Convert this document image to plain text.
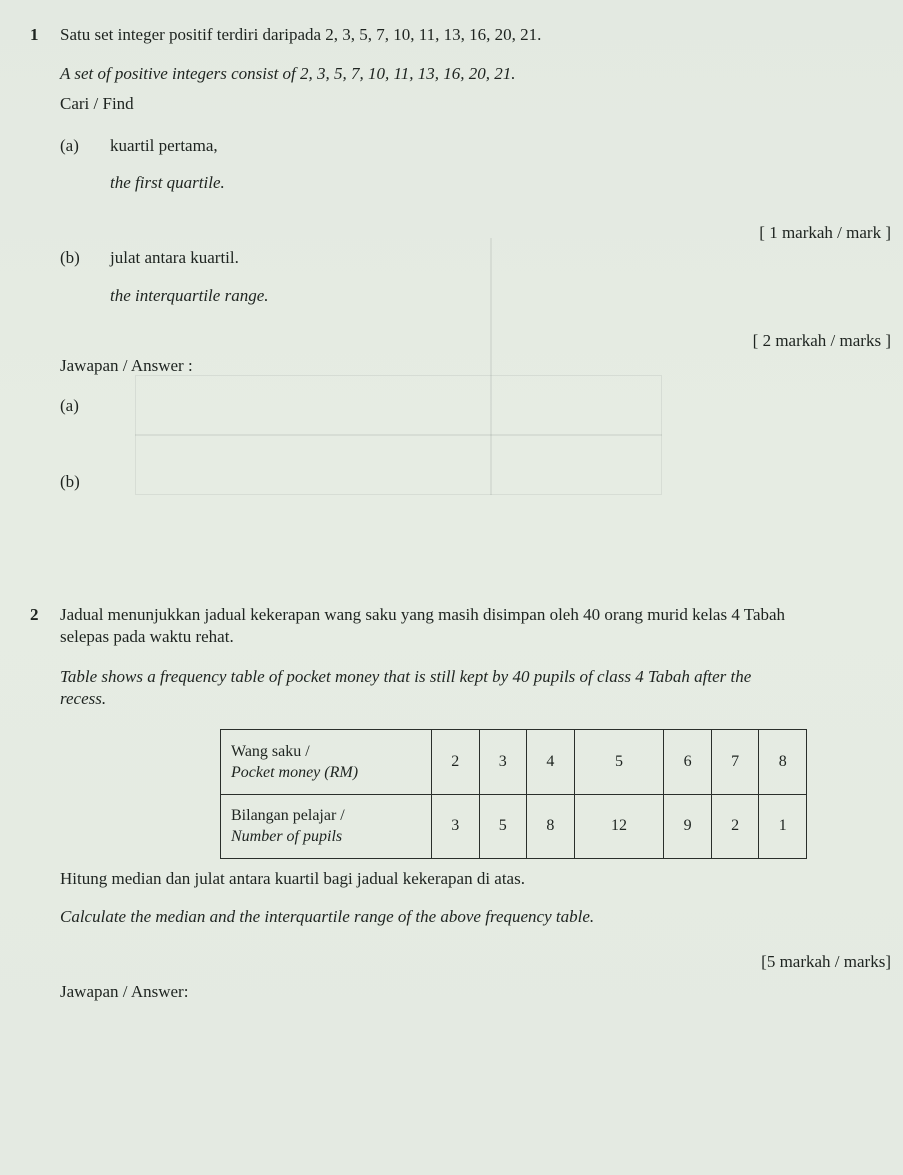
1 Satu set integer positif terdiri daripada 2, 3, 5, 7, 10, 11, 13, 16, 20, 21.
A set of positive integers consist of 2, 3, 5, 7, 10, 11, 13, 16, 20, 21.
Cari / Find
(a) kuartil pertama,
the first quartile.
[ 1 markah / mark ]
(b) julat antara kuartil.
the interquartile range.
[ 2 markah / marks ]
Jawapan / Answer :
(a)
(b)
2 Jadual menunjukkan jadual kekerapan wang saku yang masih disimpan oleh 40 orang murid kelas 4 Tabah
selepas pada waktu rehat.
Table shows a frequency table of pocket money that is still kept by 40 pupils of class 4 Tabah after the
recess.
Wang saku /
Pocket money (RM)	2	3	4	5	6	7	8

Bilangan pelajar /
Number of pupils	3	5	8	12	9	2	1
Hitung median dan julat antara kuartil bagi jadual kekerapan di atas.
Calculate the median and the interquartile range of the above frequency table.
[5 markah / marks]
Jawapan / Answer:
